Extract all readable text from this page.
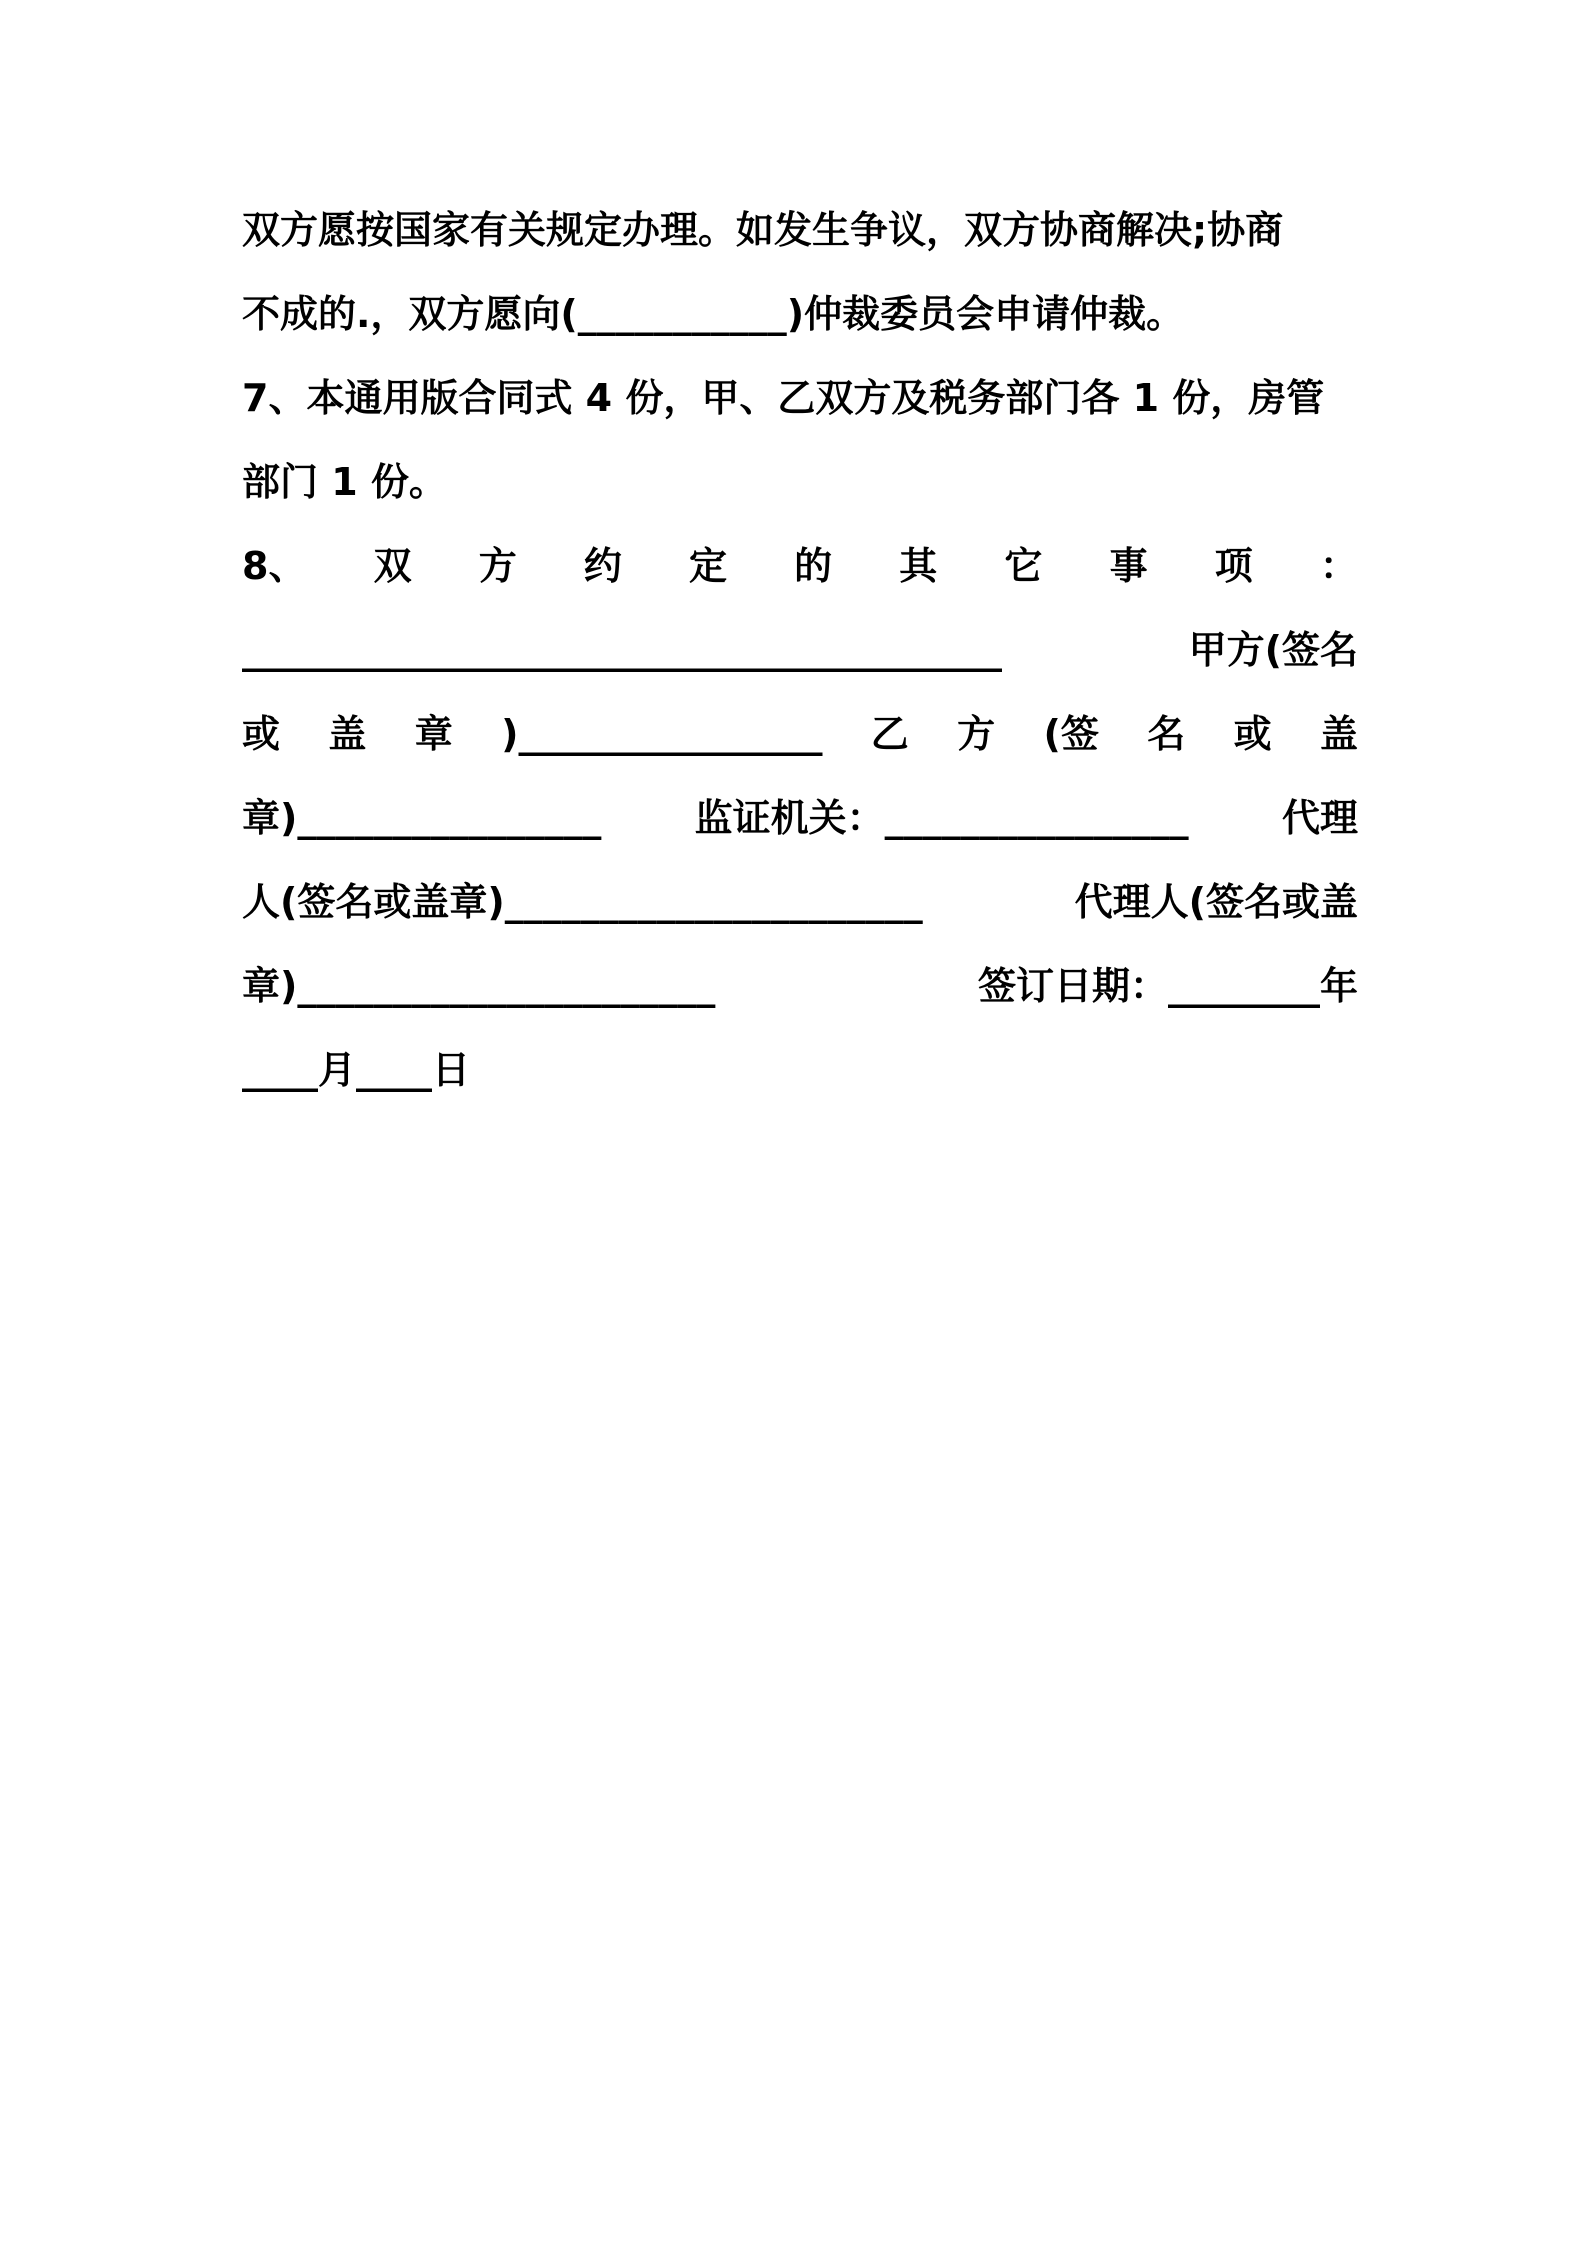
双方愿按国家有关规定办理。如发生争议，双方协商解决;协商
不成的.，双方愿向(___________)仲裁委员会申请仲裁。
7、本通用版合同式 4 份，甲、乙双方及税务部门各 1 份，房管
部门 1 份。
8、 双 方 约 定 的 其 它 事 项 ：
________________________________________	甲方(签名
或 盖 章 )________________ 乙 方 (签 名 或 盖
章)________________ 监证机关：________________ 代理
人(签名或盖章)______________________	代理人(签名或盖
章)______________________	签订日期：________年
____月____日
